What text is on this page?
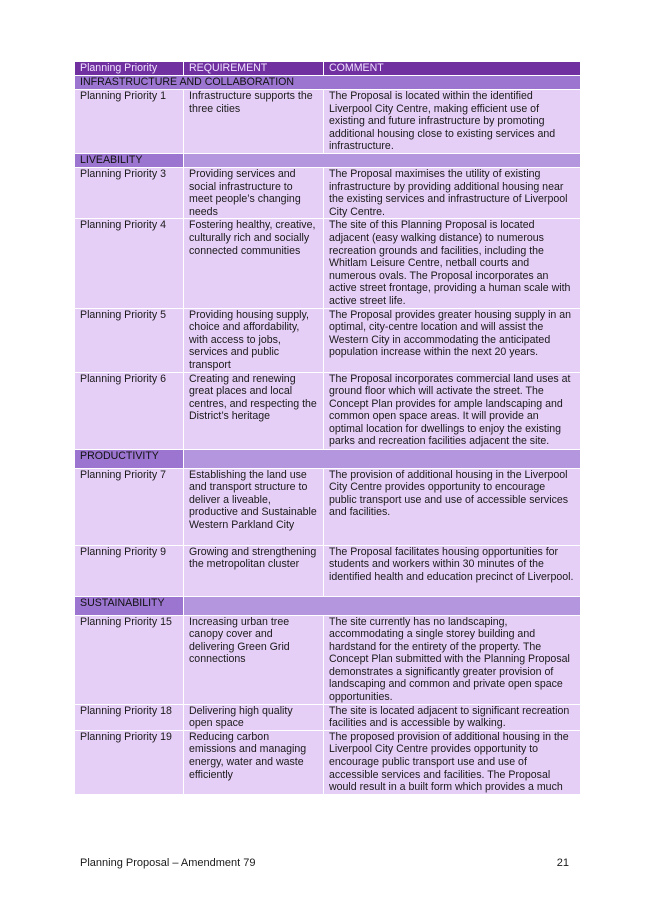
Planning Priority	REQUIREMENT	COMMENT
INFRASTRUCTURE AND COLLABORATION		
Planning Priority 1	Infrastructure supports the three cities	The Proposal is located within the identified Liverpool City Centre, making efficient use of existing and future infrastructure by promoting additional housing close to existing services and infrastructure.
LIVEABILITY		
Planning Priority 3	Providing services and social infrastructure to meet people’s changing needs	The Proposal maximises the utility of existing infrastructure by providing additional housing near the existing services and infrastructure of Liverpool City Centre.
Planning Priority 4	Fostering healthy, creative, culturally rich and socially connected communities	The site of this Planning Proposal is located adjacent (easy walking distance) to numerous recreation grounds and facilities, including the Whitlam Leisure Centre, netball courts and numerous ovals. The Proposal incorporates an active street frontage, providing a human scale with active street life.
Planning Priority 5	Providing housing supply, choice and affordability, with access to jobs, services and public transport	The Proposal provides greater housing supply in an optimal, city-centre location and will assist the Western City in accommodating the anticipated population increase within the next 20 years.
Planning Priority 6	Creating and renewing great places and local centres, and respecting the District’s heritage	The Proposal incorporates commercial land uses at ground floor which will activate the street. The Concept Plan provides for ample landscaping and common open space areas. It will provide an optimal location for dwellings to enjoy the existing parks and recreation facilities adjacent the site.
PRODUCTIVITY		
Planning Priority 7	Establishing the land use and transport structure to deliver a liveable, productive and Sustainable Western Parkland City	The provision of additional housing in the Liverpool City Centre provides opportunity to encourage public transport use and use of accessible services and facilities.
Planning Priority 9	Growing and strengthening the metropolitan cluster	The Proposal facilitates housing opportunities for students and workers within 30 minutes of the identified health and education precinct of Liverpool.
SUSTAINABILITY		
Planning Priority 15	Increasing urban tree canopy cover and delivering Green Grid connections	The site currently has no landscaping, accommodating a single storey building and hardstand for the entirety of the property. The Concept Plan submitted with the Planning Proposal demonstrates a significantly greater provision of landscaping and common and private open space opportunities.
Planning Priority 18	Delivering high quality open space	The site is located adjacent to significant recreation facilities and is accessible by walking.
Planning Priority 19	Reducing carbon emissions and managing energy, water and waste efficiently	The proposed provision of additional housing in the Liverpool City Centre provides opportunity to encourage public transport use and use of accessible services and facilities. The Proposal would result in a built form which provides a much
Planning Proposal – Amendment 79	21
